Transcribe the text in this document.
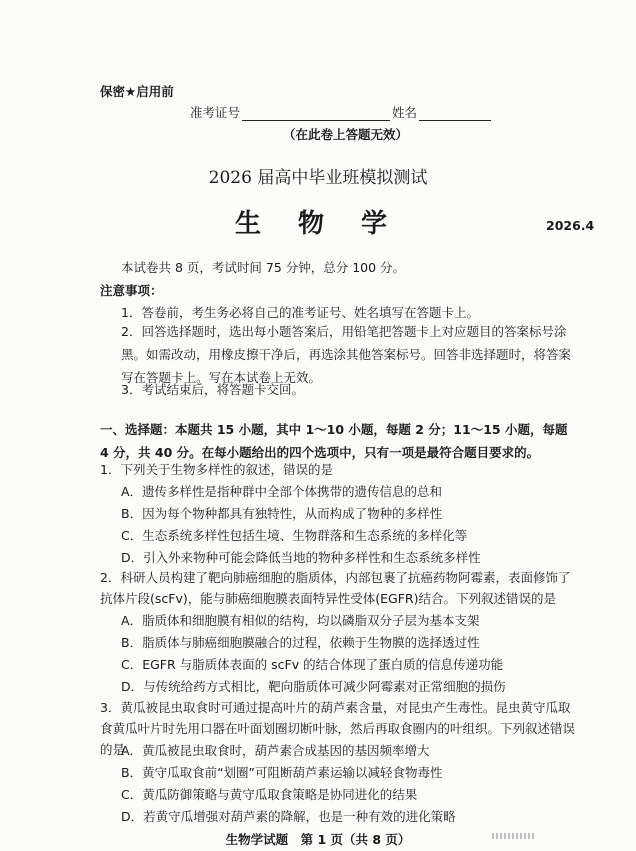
保密★启用前
准考证号	姓名
（在此卷上答题无效）
2026 届高中毕业班模拟测试
生 物 学	2026.4
本试卷共 8 页，考试时间 75 分钟，总分 100 分。
注意事项：
1．答卷前，考生务必将自己的准考证号、姓名填写在答题卡上。
2．回答选择题时，选出每小题答案后，用铅笔把答题卡上对应题目的答案标号涂黑。如需改动，用橡皮擦干净后，再选涂其他答案标号。回答非选择题时，将答案写在答题卡上。写在本试卷上无效。
3．考试结束后，将答题卡交回。
一、选择题：本题共 15 小题，其中 1～10 小题，每题 2 分；11～15 小题，每题 4 分，共 40 分。在每小题给出的四个选项中，只有一项是最符合题目要求的。
1．下列关于生物多样性的叙述，错误的是
A．遗传多样性是指种群中全部个体携带的遗传信息的总和
B．因为每个物种都具有独特性，从而构成了物种的多样性
C．生态系统多样性包括生境、生物群落和生态系统的多样化等
D．引入外来物种可能会降低当地的物种多样性和生态系统多样性
2．科研人员构建了靶向肺癌细胞的脂质体，内部包裹了抗癌药物阿霉素，表面修饰了抗体片段(scFv)，能与肺癌细胞膜表面特异性受体(EGFR)结合。下列叙述错误的是
A．脂质体和细胞膜有相似的结构，均以磷脂双分子层为基本支架
B．脂质体与肺癌细胞膜融合的过程，依赖于生物膜的选择透过性
C．EGFR 与脂质体表面的 scFv 的结合体现了蛋白质的信息传递功能
D．与传统给药方式相比，靶向脂质体可减少阿霉素对正常细胞的损伤
3．黄瓜被昆虫取食时可通过提高叶片的葫芦素含量，对昆虫产生毒性。昆虫黄守瓜取食黄瓜叶片时先用口器在叶面划圈切断叶脉，然后再取食圈内的叶组织。下列叙述错误的是
A．黄瓜被昆虫取食时，葫芦素合成基因的基因频率增大
B．黄守瓜取食前“划圈”可阻断葫芦素运输以减轻食物毒性
C．黄瓜防御策略与黄守瓜取食策略是协同进化的结果
生物学试题　第 1 页（共 8 页）
D．若黄守瓜增强对葫芦素的降解，也是一种有效的进化策略
